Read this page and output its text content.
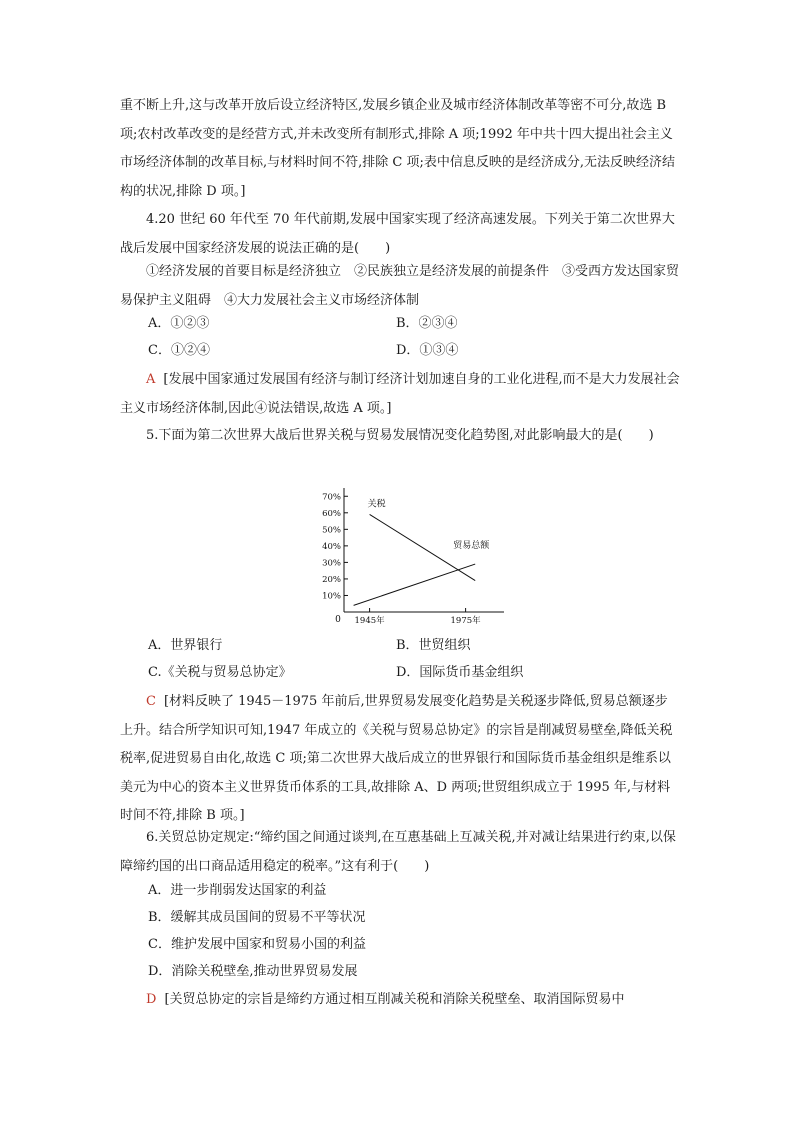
重不断上升,这与改革开放后设立经济特区,发展乡镇企业及城市经济体制改革等密不可分,故选 B 项;农村改革改变的是经营方式,并未改变所有制形式,排除 A 项;1992 年中共十四大提出社会主义市场经济体制的改革目标,与材料时间不符,排除 C 项;表中信息反映的是经济成分,无法反映经济结构的状况,排除 D 项。]

4.20 世纪 60 年代至 70 年代前期,发展中国家实现了经济高速发展。下列关于第二次世界大战后发展中国家经济发展的说法正确的是(　　)

①经济发展的首要目标是经济独立　②民族独立是经济发展的前提条件　③受西方发达国家贸易保护主义阻碍　④大力发展社会主义市场经济体制

A．①②③	B．②③④
C．①②④	D．①③④

A [发展中国家通过发展国有经济与制订经济计划加速自身的工业化进程,而不是大力发展社会主义市场经济体制,因此④说法错误,故选 A 项。]

5.下面为第二次世界大战后世界关税与贸易发展情况变化趋势图,对此影响最大的是(　　)

0
10%
20%
30%
40%
50%
60%
70%
1945年	1975年
关税
贸易总额
A．世界银行	B．世贸组织
C.《关税与贸易总协定》	D．国际货币基金组织

C [材料反映了 1945－1975 年前后,世界贸易发展变化趋势是关税逐步降低,贸易总额逐步上升。结合所学知识可知,1947 年成立的《关税与贸易总协定》的宗旨是削减贸易壁垒,降低关税税率,促进贸易自由化,故选 C 项;第二次世界大战后成立的世界银行和国际货币基金组织是维系以美元为中心的资本主义世界货币体系的工具,故排除 A、D 两项;世贸组织成立于 1995 年,与材料时间不符,排除 B 项。]

6.关贸总协定规定:“缔约国之间通过谈判,在互惠基础上互减关税,并对减让结果进行约束,以保障缔约国的出口商品适用稳定的税率。”这有利于(　　)

A．进一步削弱发达国家的利益
B．缓解其成员国间的贸易不平等状况
C．维护发展中国家和贸易小国的利益
D．消除关税壁垒,推动世界贸易发展

D [关贸总协定的宗旨是缔约方通过相互削减关税和消除关税壁垒、取消国际贸易中
